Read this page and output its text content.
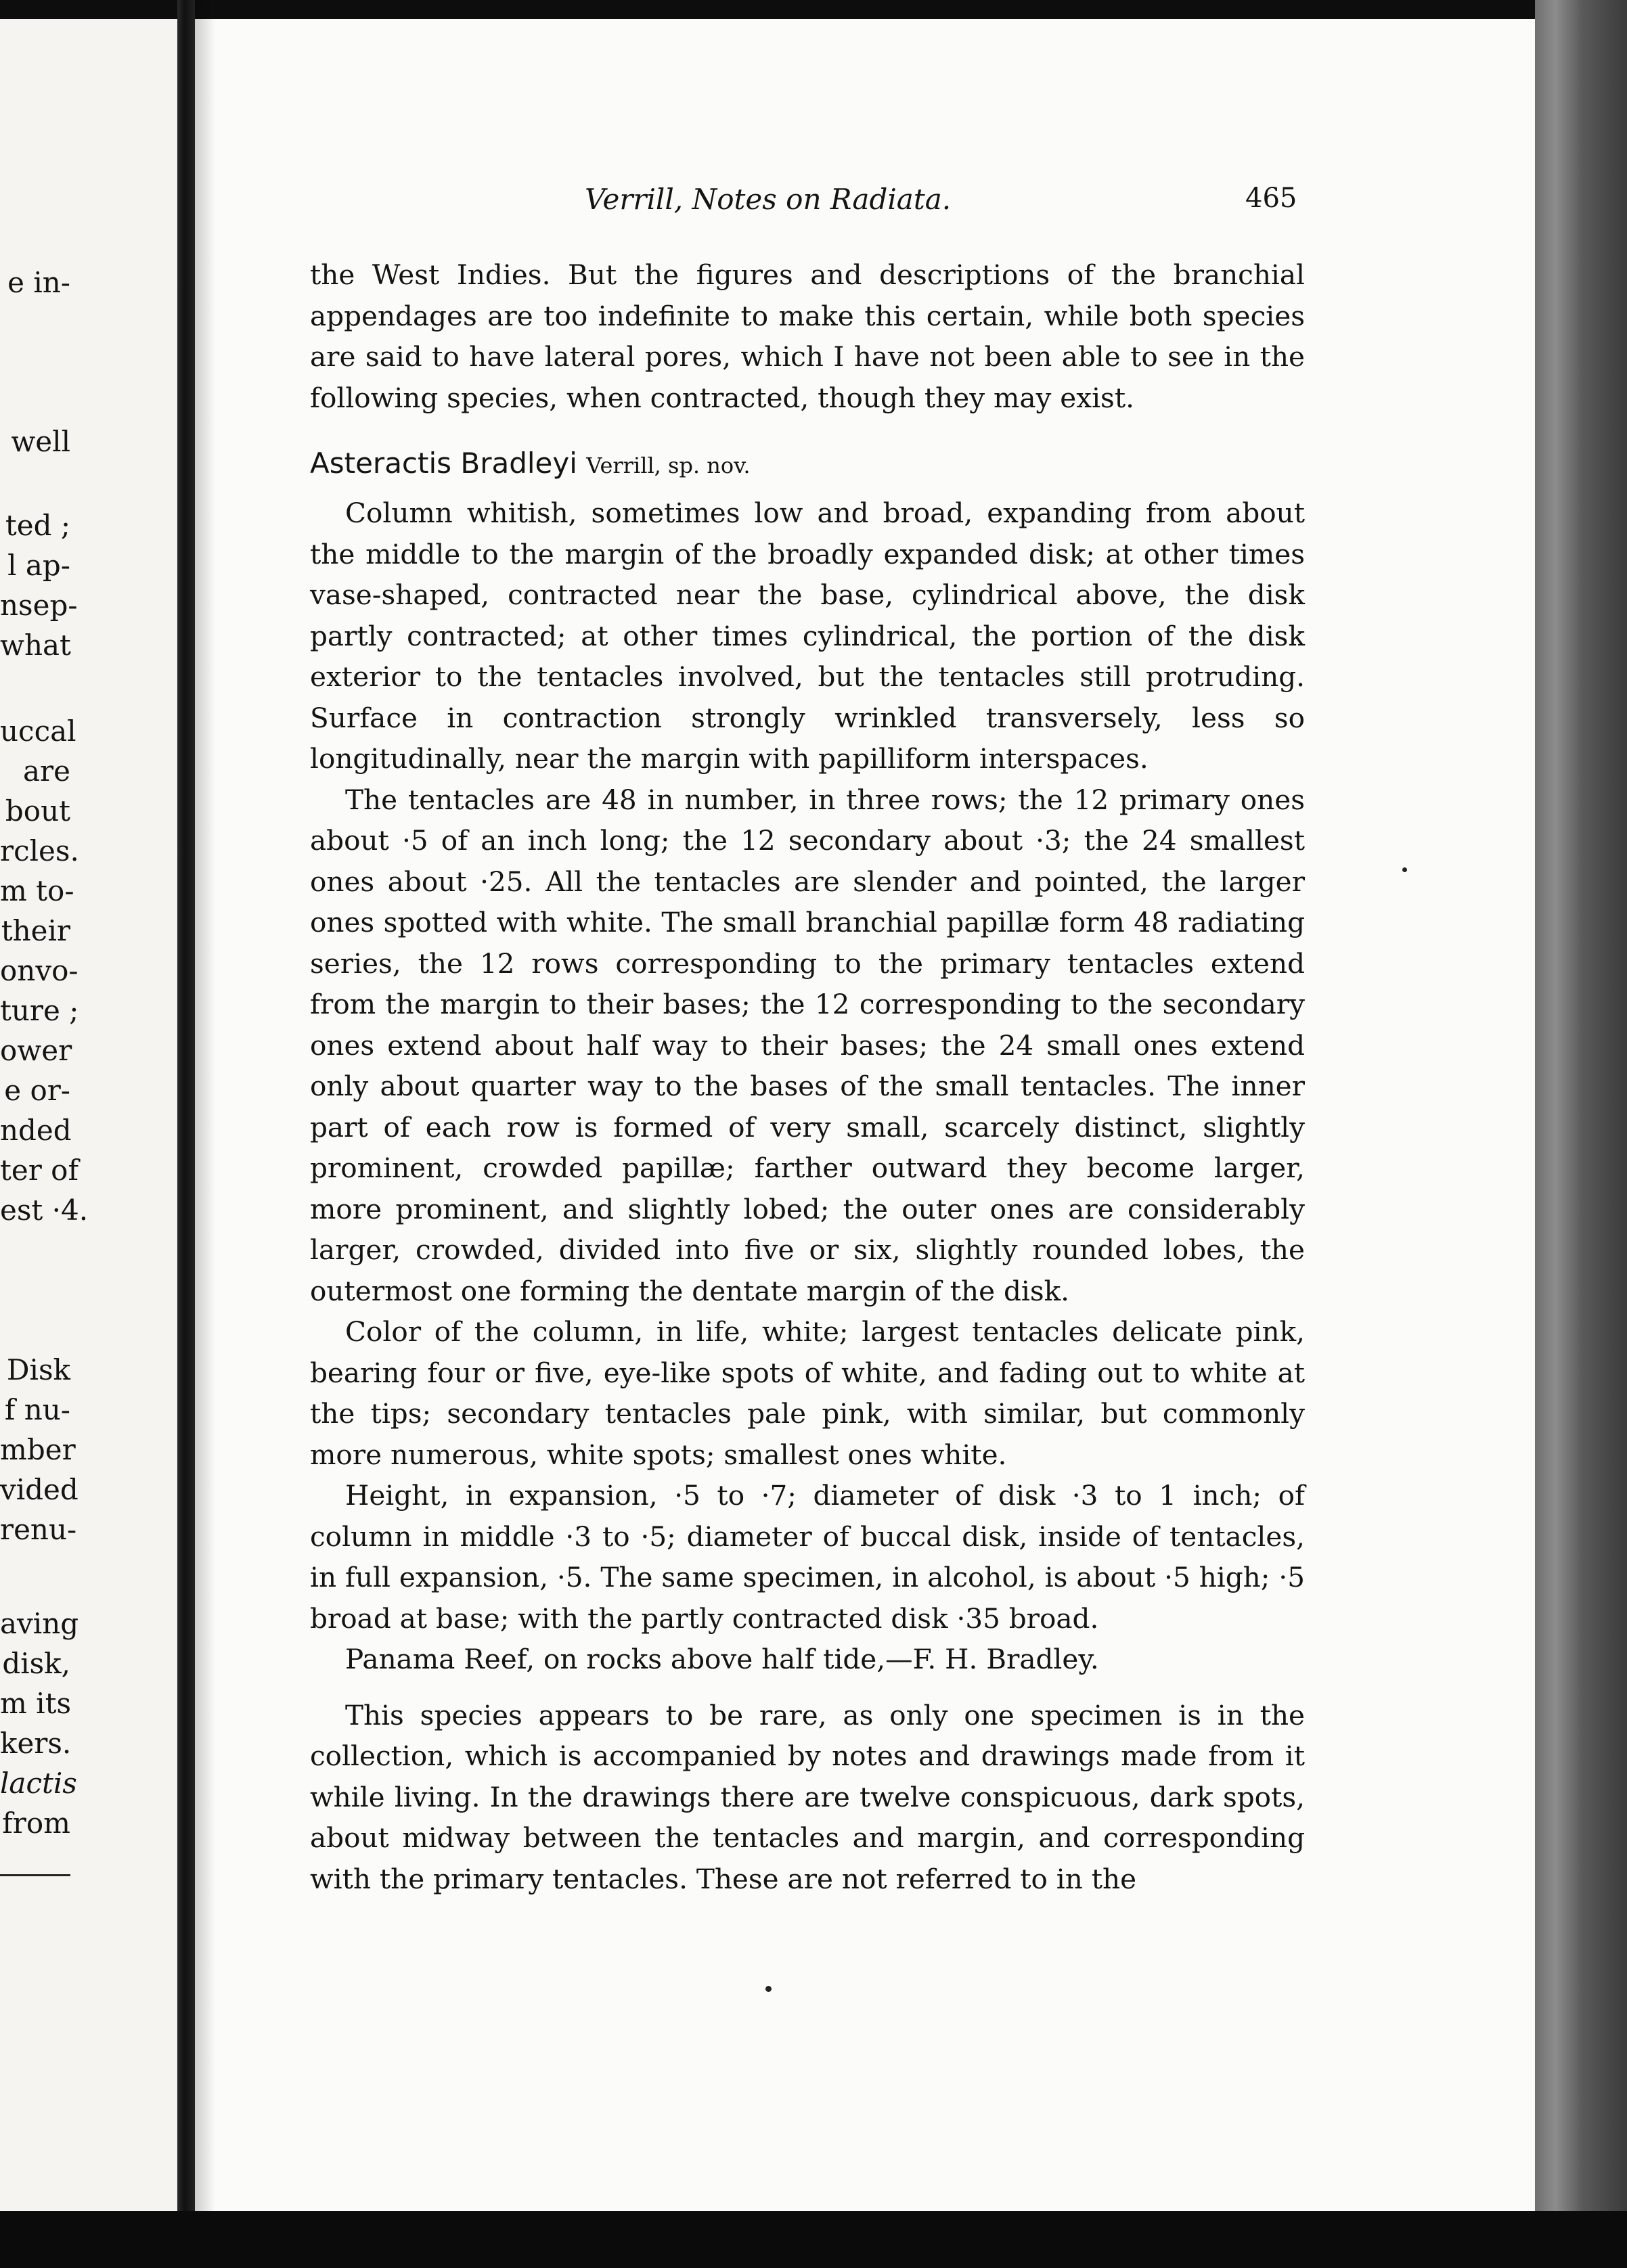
e in-
well
ted ;
l ap-
nsep-
what
uccal
are
bout
rcles.
m to-
their
onvo-
ture ;
ower
e or-
nded
ter of
est ·4.
Disk
f nu-
mber
vided
renu-
aving
disk,
m its
kers.
lactis
from
Verrill, Notes on Radiata.	465

the West Indies. But the figures and descriptions of the branchial appendages are too indefinite to make this certain, while both species are said to have lateral pores, which I have not been able to see in the following species, when contracted, though they may exist.

Asteractis Bradleyi Verrill, sp. nov.

Column whitish, sometimes low and broad, expanding from about the middle to the margin of the broadly expanded disk; at other times vase-shaped, contracted near the base, cylindrical above, the disk partly contracted; at other times cylindrical, the portion of the disk exterior to the tentacles involved, but the tentacles still protruding. Surface in contraction strongly wrinkled transversely, less so longitudinally, near the margin with papilliform interspaces.

The tentacles are 48 in number, in three rows; the 12 primary ones about ·5 of an inch long; the 12 secondary about ·3; the 24 smallest ones about ·25. All the tentacles are slender and pointed, the larger ones spotted with white. The small branchial papillæ form 48 radiating series, the 12 rows corresponding to the primary tentacles extend from the margin to their bases; the 12 corresponding to the secondary ones extend about half way to their bases; the 24 small ones extend only about quarter way to the bases of the small tentacles. The inner part of each row is formed of very small, scarcely distinct, slightly prominent, crowded papillæ; farther outward they become larger, more prominent, and slightly lobed; the outer ones are considerably larger, crowded, divided into five or six, slightly rounded lobes, the outermost one forming the dentate margin of the disk.

Color of the column, in life, white; largest tentacles delicate pink, bearing four or five, eye-like spots of white, and fading out to white at the tips; secondary tentacles pale pink, with similar, but commonly more numerous, white spots; smallest ones white.

Height, in expansion, ·5 to ·7; diameter of disk ·3 to 1 inch; of column in middle ·3 to ·5; diameter of buccal disk, inside of tentacles, in full expansion, ·5. The same specimen, in alcohol, is about ·5 high; ·5 broad at base; with the partly contracted disk ·35 broad.

Panama Reef, on rocks above half tide,—F. H. Bradley.

This species appears to be rare, as only one specimen is in the collection, which is accompanied by notes and drawings made from it while living. In the drawings there are twelve conspicuous, dark spots, about midway between the tentacles and margin, and corresponding with the primary tentacles. These are not referred to in the
